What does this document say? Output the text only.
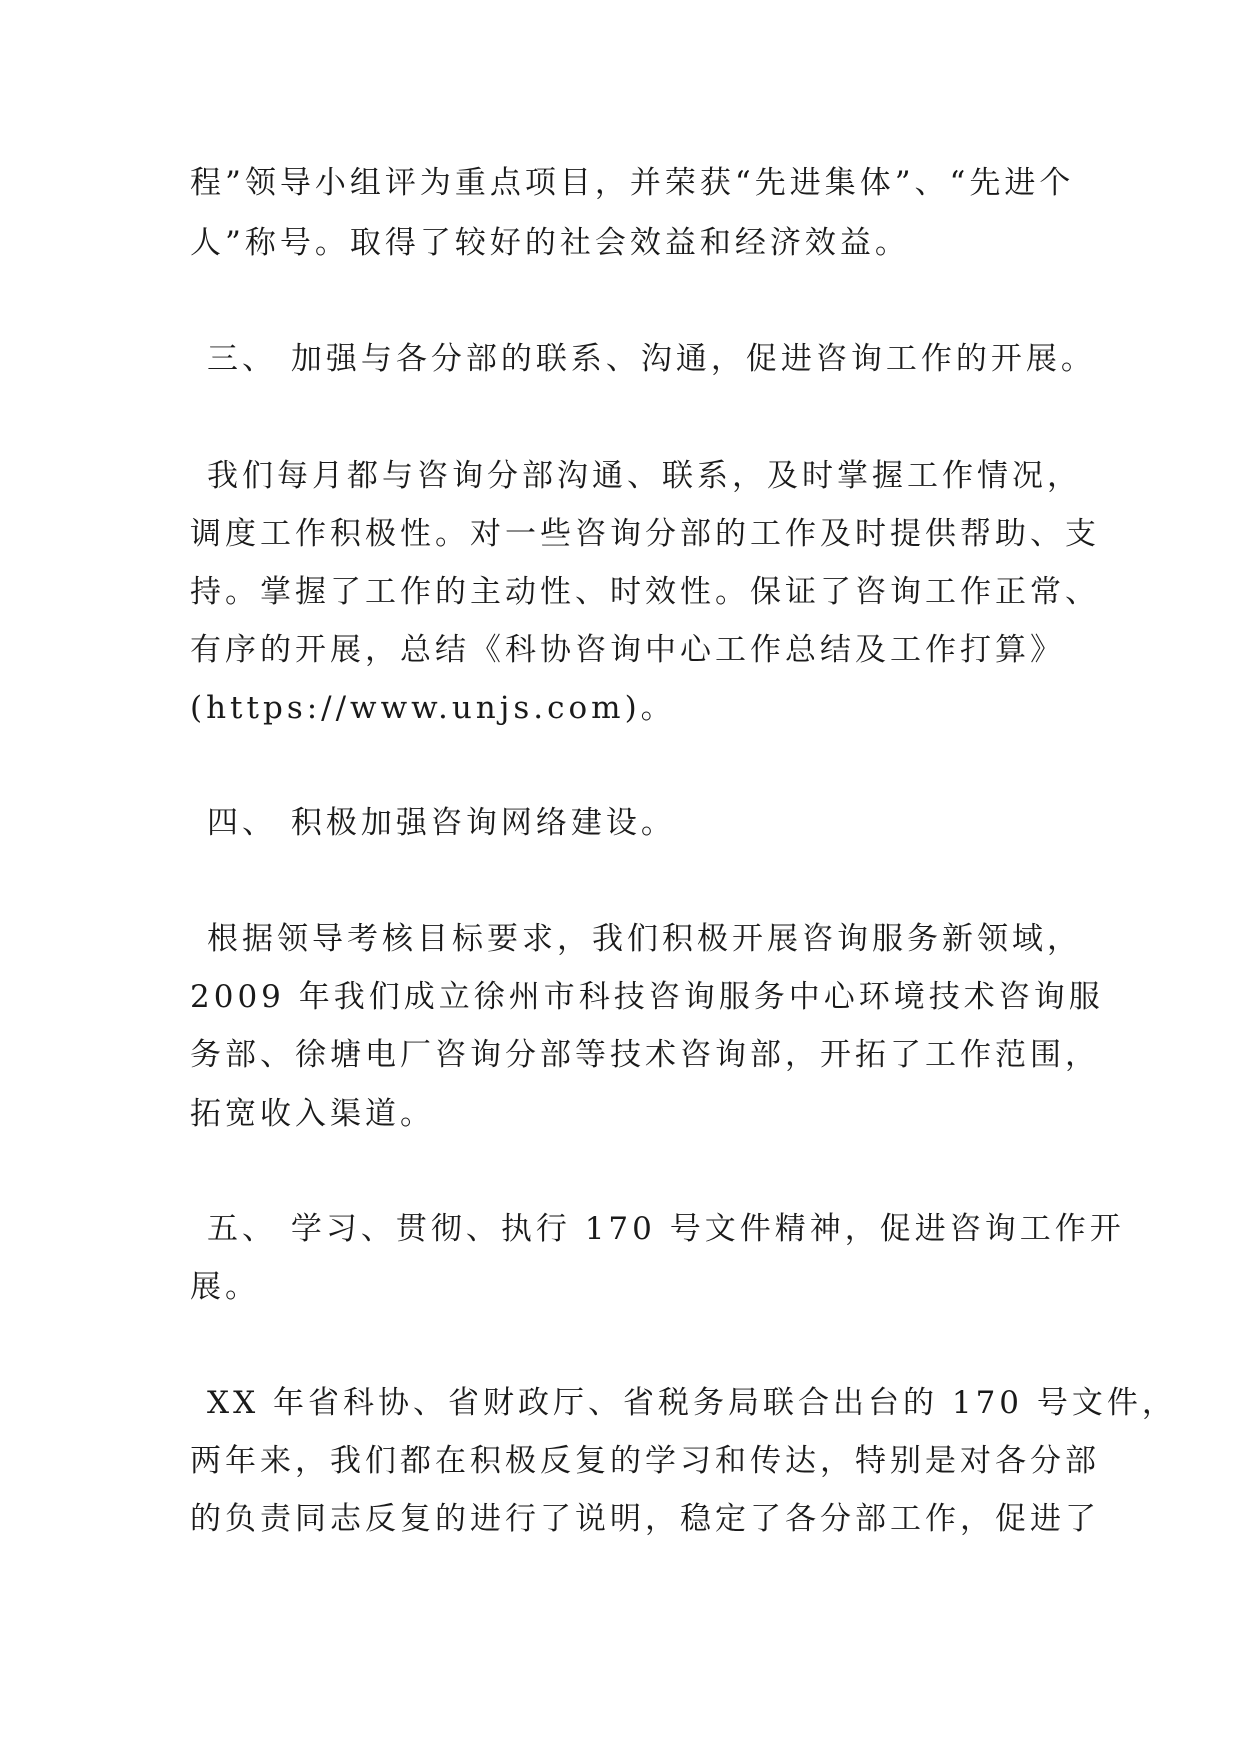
程”领导小组评为重点项目，并荣获“先进集体”、“先进个

人”称号。取得了较好的社会效益和经济效益。

三、 加强与各分部的联系、沟通，促进咨询工作的开展。

我们每月都与咨询分部沟通、联系，及时掌握工作情况，

调度工作积极性。对一些咨询分部的工作及时提供帮助、支

持。掌握了工作的主动性、时效性。保证了咨询工作正常、

有序的开展，总结《科协咨询中心工作总结及工作打算》

(https://www.unjs.com)。

四、 积极加强咨询网络建设。

根据领导考核目标要求，我们积极开展咨询服务新领域，

2009 年我们成立徐州市科技咨询服务中心环境技术咨询服

务部、徐塘电厂咨询分部等技术咨询部，开拓了工作范围，

拓宽收入渠道。

五、 学习、贯彻、执行 170 号文件精神，促进咨询工作开

展。

XX 年省科协、省财政厅、省税务局联合出台的 170 号文件，

两年来，我们都在积极反复的学习和传达，特别是对各分部

的负责同志反复的进行了说明，稳定了各分部工作，促进了
